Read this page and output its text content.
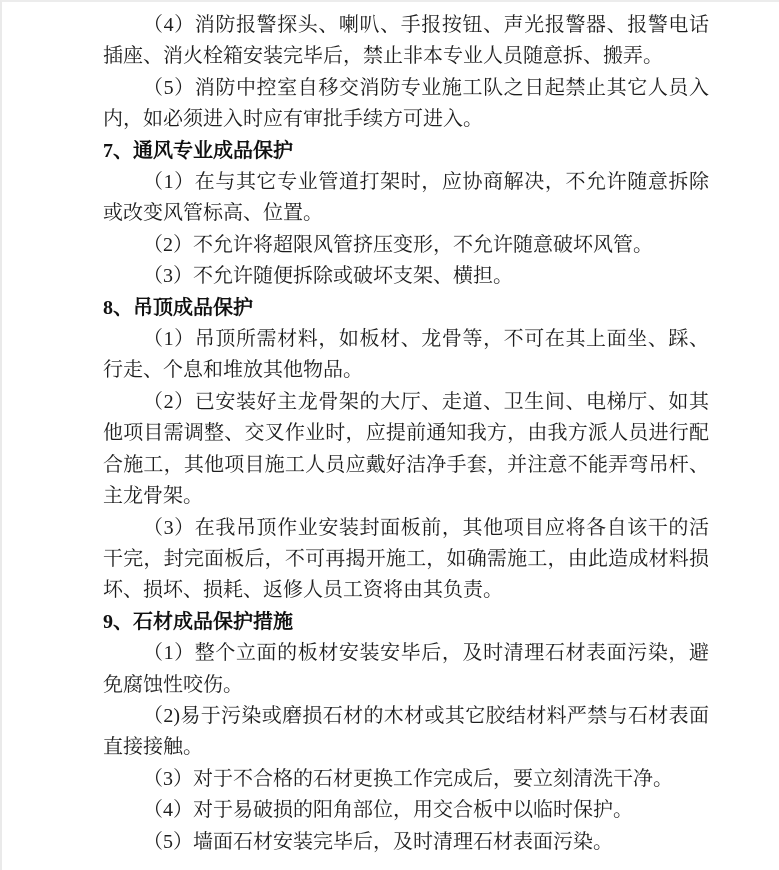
（4）消防报警探头、喇叭、手报按钮、声光报警器、报警电话插座、消火栓箱安装完毕后，禁止非本专业人员随意拆、搬弄。

（5）消防中控室自移交消防专业施工队之日起禁止其它人员入内，如必须进入时应有审批手续方可进入。

7、通风专业成品保护

（1）在与其它专业管道打架时，应协商解决，不允许随意拆除或改变风管标高、位置。

（2）不允许将超限风管挤压变形，不允许随意破坏风管。

（3）不允许随便拆除或破坏支架、横担。

8、吊顶成品保护

（1）吊顶所需材料，如板材、龙骨等，不可在其上面坐、踩、行走、个息和堆放其他物品。

（2）已安装好主龙骨架的大厅、走道、卫生间、电梯厅、如其他项目需调整、交叉作业时，应提前通知我方，由我方派人员进行配合施工，其他项目施工人员应戴好洁净手套，并注意不能弄弯吊杆、主龙骨架。

（3）在我吊顶作业安装封面板前，其他项目应将各自该干的活干完，封完面板后，不可再揭开施工，如确需施工，由此造成材料损坏、损坏、损耗、返修人员工资将由其负责。

9、石材成品保护措施

（1）整个立面的板材安装安毕后，及时清理石材表面污染，避免腐蚀性咬伤。

（2)易于污染或磨损石材的木材或其它胶结材料严禁与石材表面直接接触。

（3）对于不合格的石材更换工作完成后，要立刻清洗干净。

（4）对于易破损的阳角部位，用交合板中以临时保护。

（5）墙面石材安装完毕后，及时清理石材表面污染。
